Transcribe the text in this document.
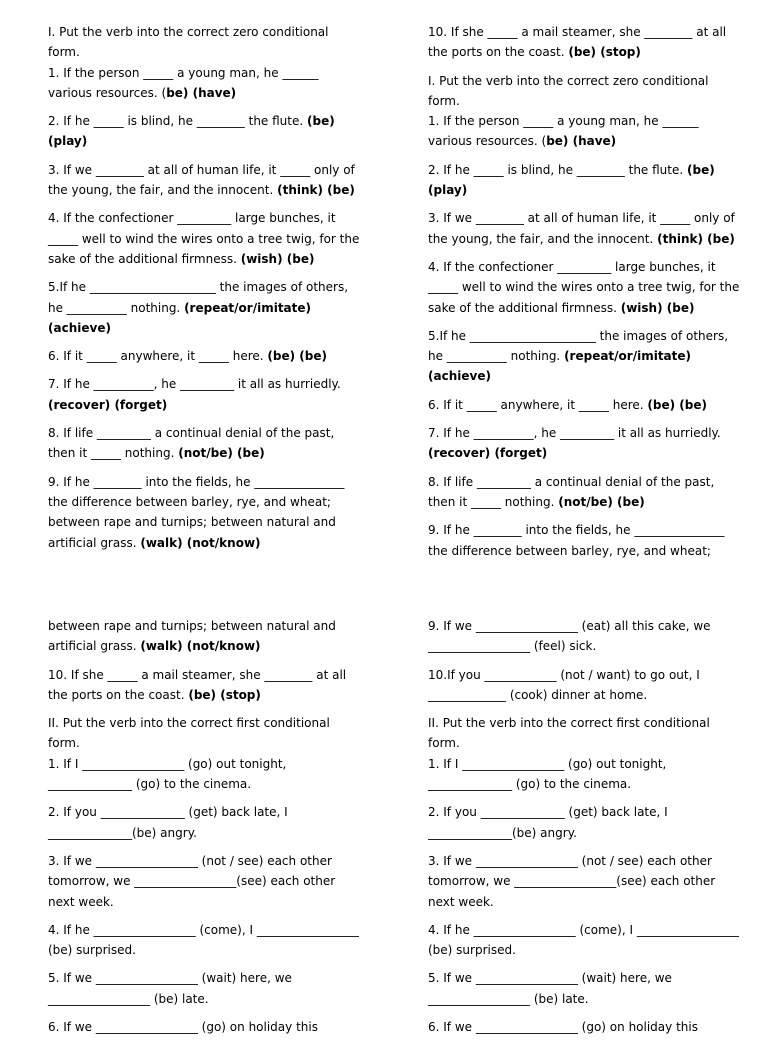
I. Put the verb into the correct zero conditional form.

1. If the person _____ a young man, he ______ various resources. (be) (have)

2. If he _____ is blind, he ________ the flute. (be) (play)

3. If we ________ at all of human life, it _____ only of the young, the fair, and the innocent. (think) (be)

4. If the confectioner _________ large bunches, it _____ well to wind the wires onto a tree twig, for the sake of the additional firmness. (wish) (be)

5.If he _____________________ the images of others, he __________ nothing. (repeat/or/imitate) (achieve)

6. If it _____ anywhere, it _____ here. (be) (be)

7. If he __________, he _________ it all as hurriedly. (recover) (forget)

8. If life _________ a continual denial of the past, then it _____ nothing. (not/be) (be)

9. If he ________ into the fields, he _______________ the difference between barley, rye, and wheat; between rape and turnips; between natural and artificial grass. (walk) (not/know)

10. If she _____ a mail steamer, she ________ at all the ports on the coast. (be) (stop)

I. Put the verb into the correct zero conditional form.

1. If the person _____ a young man, he ______ various resources. (be) (have)

2. If he _____ is blind, he ________ the flute. (be) (play)

3. If we ________ at all of human life, it _____ only of the young, the fair, and the innocent. (think) (be)

4. If the confectioner _________ large bunches, it _____ well to wind the wires onto a tree twig, for the sake of the additional firmness. (wish) (be)

5.If he _____________________ the images of others, he __________ nothing. (repeat/or/imitate) (achieve)

6. If it _____ anywhere, it _____ here. (be) (be)

7. If he __________, he _________ it all as hurriedly. (recover) (forget)

8. If life _________ a continual denial of the past, then it _____ nothing. (not/be) (be)

9. If he ________ into the fields, he _______________ the difference between barley, rye, and wheat;

between rape and turnips; between natural and artificial grass. (walk) (not/know)

10. If she _____ a mail steamer, she ________ at all the ports on the coast. (be) (stop)

II. Put the verb into the correct first conditional form.

1. If I _________________ (go) out tonight, ______________ (go) to the cinema.

2. If you ______________ (get) back late, I ______________(be) angry.

3. If we _________________ (not / see) each other tomorrow, we _________________(see) each other next week.

4. If he _________________ (come), I _________________ (be) surprised.

5. If we _________________ (wait) here, we _________________ (be) late.

6. If we _________________ (go) on holiday this

9. If we _________________ (eat) all this cake, we _________________ (feel) sick.

10.If you ____________ (not / want) to go out, I _____________ (cook) dinner at home.

II. Put the verb into the correct first conditional form.

1. If I _________________ (go) out tonight, ______________ (go) to the cinema.

2. If you ______________ (get) back late, I ______________(be) angry.

3. If we _________________ (not / see) each other tomorrow, we _________________(see) each other next week.

4. If he _________________ (come), I _________________ (be) surprised.

5. If we _________________ (wait) here, we _________________ (be) late.

6. If we _________________ (go) on holiday this
